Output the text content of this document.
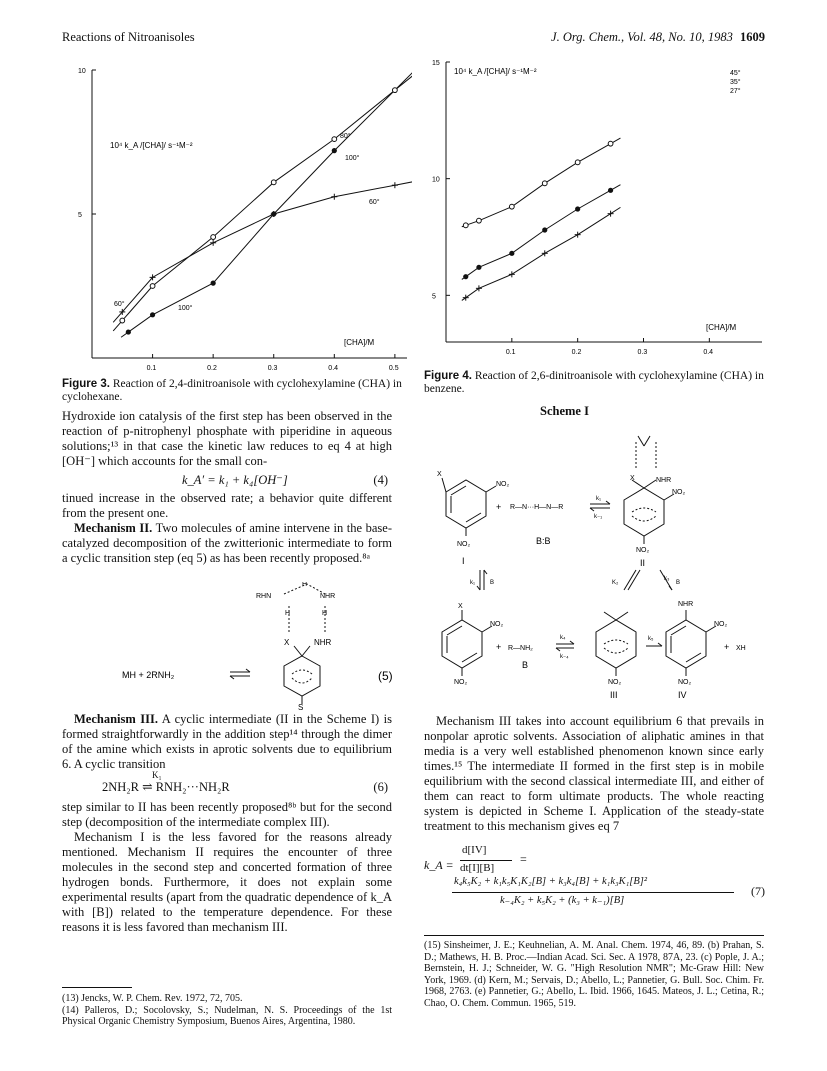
Reactions of Nitroanisoles	J. Org. Chem., Vol. 48, No. 10, 1983 1609
5
10
0.1	0.2	0.3	0.4	0.5
10⁴ k_A /[CHA]/ s⁻¹M⁻²
[CHA]/M
80°
100°
60°
60°
100°
Figure 3. Reaction of 2,4-dinitroanisole with cyclohexylamine (CHA) in cyclohexane.
5
10
15
0.1	0.2	0.3	0.4
10⁴ k_A /[CHA]/ s⁻¹M⁻²
[CHA]/M
45°
35°
27°
Figure 4. Reaction of 2,6-dinitroanisole with cyclohexylamine (CHA) in benzene.

Hydroxide ion catalysis of the first step has been observed in the reaction of p-nitrophenyl phosphate with piperidine in aqueous solutions;¹³ in that case the kinetic law reduces to eq 4 at high [OH⁻] which accounts for the small con-

k_A′ = k₁ + k₄[OH⁻]	(4)

tinued increase in the observed rate; a behavior quite different from the present one.

Mechanism II. Two molecules of amine intervene in the base-catalyzed decomposition of the zwitterionic intermediate to form a cyclic transition step (eq 5) as has been recently proposed.⁸ᵃ

MH + 2RNH₂
S
X	NHR
RHN	NHR
H
H	H
(5)

Mechanism III. A cyclic intermediate (II in the Scheme I) is formed straightforwardly in the addition step¹⁴ through the dimer of the amine which exists in aprotic solvents due to equilibrium 6. A cyclic transition

K₁
2NH₂R ⇌ RNH₂···NH₂R	(6)

step similar to II has been recently proposed⁸ᵇ but for the second step (decomposition of the intermediate complex III).

Mechanism I is the less favored for the reasons already mentioned. Mechanism II requires the encounter of three molecules in the second step and concerted formation of three hydrogen bonds. Furthermore, it does not explain some experimental results (apart from the quadratic dependence of k_A with [B]) related to the temperature dependence. For these reasons it is less favored than mechanism III.

(13) Jencks, W. P. Chem. Rev. 1972, 72, 705.
(14) Palleros, D.; Socolovsky, S.; Nudelman, N. S. Proceedings of the 1st Physical Organic Chemistry Symposium, Buenos Aires, Argentina, 1980.
Scheme I
X
NO₂
NO₂
I
+ R—N···H—N—R
B:B
k₁
k₋₁
X	NHR
NO₂
NO₂
II
k₁ B	K₂
k₃
B
X
NO₂
NO₂
+ R—NH₂
B
k₄
k₋₄
k₅
NO₂
III
NHR
NO₂
NO₂
IV
+ XH

Mechanism III takes into account equilibrium 6 that prevails in nonpolar aprotic solvents. Association of aliphatic amines in that media is a very well established phenomenon known since early times.¹⁵ The intermediate II formed in the first step is in mobile equilibrium with the second classical intermediate III, and either of them can react to form ultimate products. The whole reacting system is depicted in Scheme I. Application of the steady-state treatment to this mechanism gives eq 7

k_A =
d[IV]
dt[I][B]
=
k₄k₅K₂ + k₁k₅K₁K₂[B] + k₃k₄[B] + k₁k₃K₁[B]²
k₋₄K₂ + k₅K₂ + (k₃ + k₋₁)[B]
(7)
(15) Sinsheimer, J. E.; Keuhnelian, A. M. Anal. Chem. 1974, 46, 89. (b) Prahan, S. D.; Mathews, H. B. Proc.—Indian Acad. Sci. Sec. A 1978, 87A, 23. (c) Pople, J. A.; Bernstein, H. J.; Schneider, W. G. "High Resolution NMR"; Mc-Graw Hill: New York, 1969. (d) Kern, M.; Servais, D.; Abello, L.; Pannetier, G. Bull. Soc. Chim. Fr. 1968, 2763. (e) Pannetier, G.; Abello, L. Ibid. 1966, 1645. Mateos, J. L.; Cetina, R.; Chao, O. Chem. Commun. 1965, 519.
